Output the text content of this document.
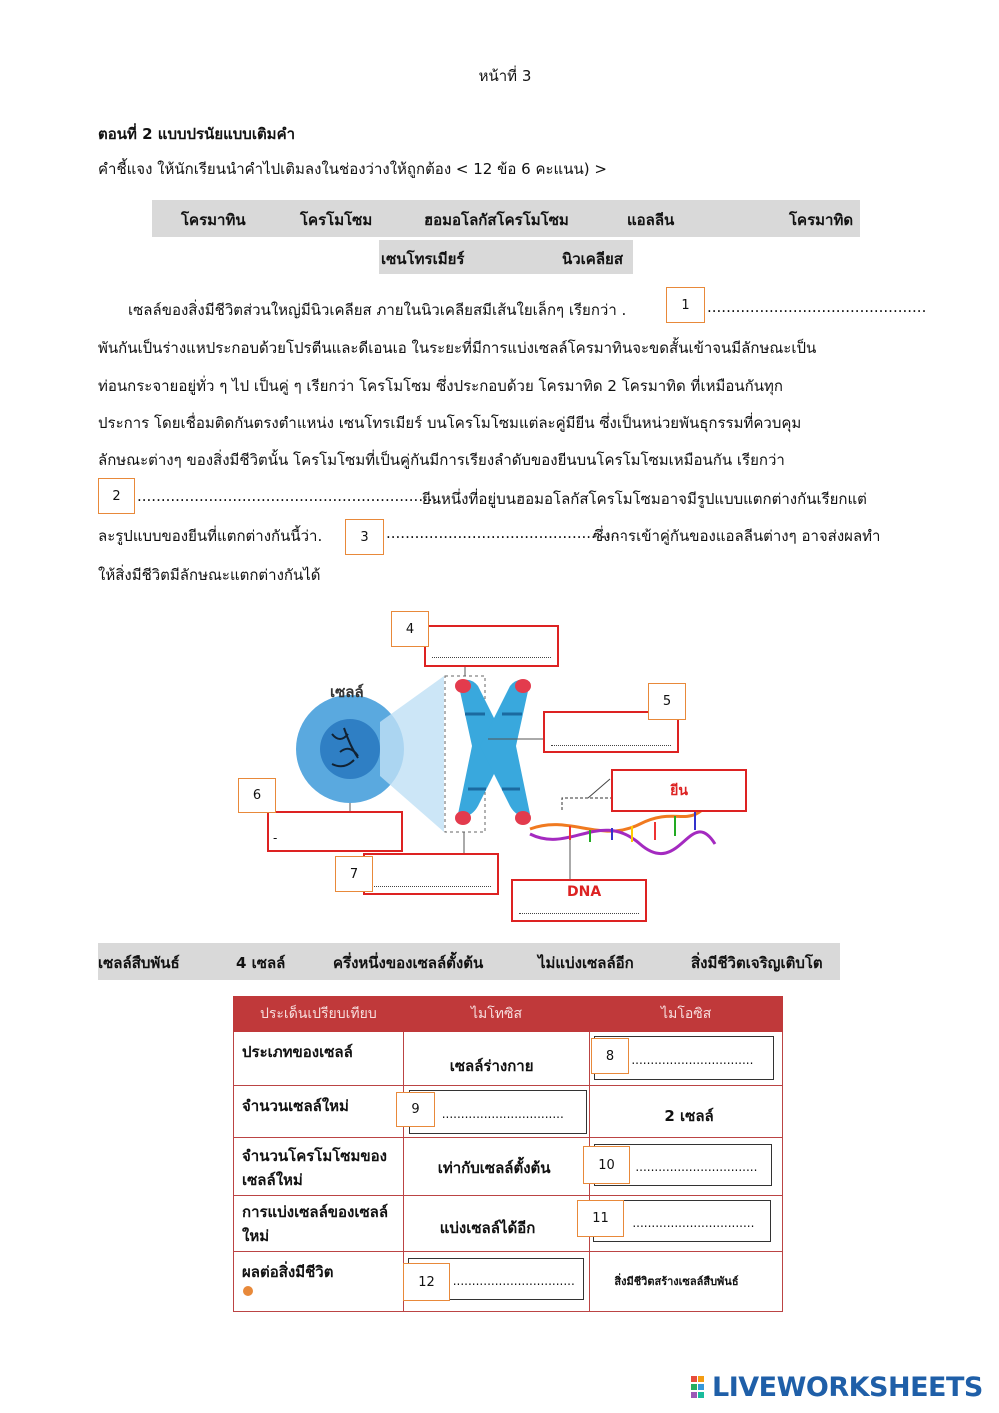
หน้าที่ 3
ตอนที่ 2 แบบปรนัยแบบเติมคำ
คำชี้แจง ให้นักเรียนนำคำไปเติมลงในช่องว่างให้ถูกต้อง < 12 ข้อ 6 คะแนน) >
โครมาทิน	โครโมโซม	ฮอมอโลกัสโครโมโซม	แอลลีน	โครมาทิด
เซนโทรเมียร์	นิวเคลียส
เซลล์ของสิ่งมีชีวิตส่วนใหญ่มีนิวเคลียส ภายในนิวเคลียสมีเส้นใยเล็กๆ เรียกว่า .	1	..............................................
พันกันเป็นร่างแหประกอบด้วยโปรตีนและดีเอนเอ ในระยะที่มีการแบ่งเซลล์โครมาทินจะขดสั้นเข้าจนมีลักษณะเป็น
ท่อนกระจายอยู่ทั่ว ๆ ไป เป็นคู่ ๆ เรียกว่า โครโมโซม ซึ่งประกอบด้วย โครมาทิด 2 โครมาทิด ที่เหมือนกันทุก
ประการ โดยเชื่อมติดกันตรงตำแหน่ง เซนโทรเมียร์ บนโครโมโซมแต่ละคู่มียีน ซึ่งเป็นหน่วยพันธุกรรมที่ควบคุม
ลักษณะต่างๆ ของสิ่งมีชีวิตนั้น โครโมโซมที่เป็นคู่กันมีการเรียงลำดับของยีนบนโครโมโซมเหมือนกัน เรียกว่า
2	...............................................................
ยีนหนึ่งที่อยู่บนฮอมอโลกัสโครโมโซมอาจมีรูปแบบแตกต่างกันเรียกแต่
ละรูปแบบของยีนที่แตกต่างกันนี้ว่า.	3	..................................................
ซึ่งการเข้าคู่กันของแอลลีนต่างๆ อาจส่งผลทำ
ให้สิ่งมีชีวิตมีลักษณะแตกต่างกันได้
เซลล์
4
5
ยีน
-
6
7
DNA
เซลล์สืบพันธ์	4 เซลล์	ครึ่งหนึ่งของเซลล์ตั้งต้น	ไม่แบ่งเซลล์อีก	สิ่งมีชีวิตเจริญเติบโต
ประเด็นเปรียบเทียบ	ไมโทซิส	ไมโอซิส

ประเภทของเซลล์	เซลล์ร่างกาย	................................

จำนวนเซลล์ใหม่	................................	2 เซลล์

จำนวนโครโมโซมของเซลล์ใหม่	เท่ากับเซลล์ตั้งต้น	................................

การแบ่งเซลล์ของเซลล์ใหม่	แบ่งเซลล์ได้อีก	................................

ผลต่อสิ่งมีชีวิต	................................	สิ่งมีชีวิตสร้างเซลล์สืบพันธ์
8
9
10
11
12
LIVEWORKSHEETS
